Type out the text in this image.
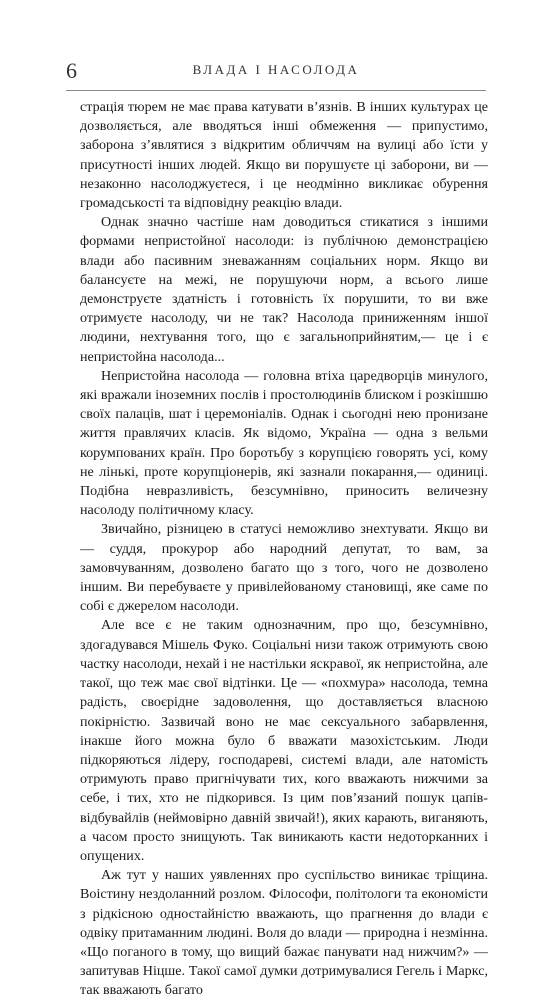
6	ВЛАДА І НАСОЛОДА

страція тюрем не має права катувати в’язнів. В інших культурах це дозволяється, але вводяться інші обмеження — припустимо, заборона з’являтися з відкритим обличчям на вулиці або їсти у присутності інших людей. Якщо ви порушуєте ці заборони, ви — незаконно насолоджуєтеся, і це неодмінно викликає обурення громадськості та відповідну реакцію влади.

Однак значно частіше нам доводиться стикатися з іншими формами непристойної насолоди: із публічною демонстрацією влади або пасивним зневажанням соціальних норм. Якщо ви балансуєте на межі, не порушуючи норм, а всього лише демонструєте здатність і готовність їх порушити, то ви вже отримуєте насолоду, чи не так? Насолода приниженням іншої людини, нехтування того, що є загальноприйнятим,— це і є непристойна насолода...

Непристойна насолода — головна втіха царедворців минулого, які вражали іноземних послів і простолюдинів блиском і розкішшю своїх палаців, шат і церемоніалів. Однак і сьогодні нею пронизане життя правлячих класів. Як відомо, Україна — одна з вельми корумпованих країн. Про боротьбу з корупцією говорять усі, кому не лінькі, проте корупціонерів, які зазнали покарання,— одиниці. Подібна невразливість, безсумнівно, приносить величезну насолоду політичному класу.

Звичайно, різницею в статусі неможливо знехтувати. Якщо ви — суддя, прокурор або народний депутат, то вам, за замовчуванням, дозволено багато що з того, чого не дозволено іншим. Ви перебуваєте у привілейованому становищі, яке саме по собі є джерелом насолоди.

Але все є не таким однозначним, про що, безсумнівно, здогадувався Мішель Фуко. Соціальні низи також отримують свою частку насолоди, нехай і не настільки яскравої, як непристойна, але такої, що теж має свої відтінки. Це — «похмура» насолода, темна радість, своєрідне задоволення, що доставляється власною покірністю. Зазвичай воно не має сексуального забарвлення, інакше його можна було б вважати мазохістським. Люди підкоряються лідеру, господареві, системі влади, але натомість отримують право пригнічувати тих, кого вважають нижчими за себе, і тих, хто не підкорився. Із цим пов’язаний пошук цапів-відбувайлів (неймовірно давній звичай!), яких карають, виганяють, а часом просто знищують. Так виникають касти недоторканних і опущених.

Аж тут у наших уявленнях про суспільство виникає тріщина. Воістину нездоланний розлом. Філософи, політологи та економісти з рідкісною одностайністю вважають, що прагнення до влади є одвіку притаманним людині. Воля до влади — природна і незмінна. «Що поганого в тому, що вищий бажає панувати над нижчим?» — запитував Ніцше. Такої самої думки дотримувалися Гегель і Маркс, так вважають багато
